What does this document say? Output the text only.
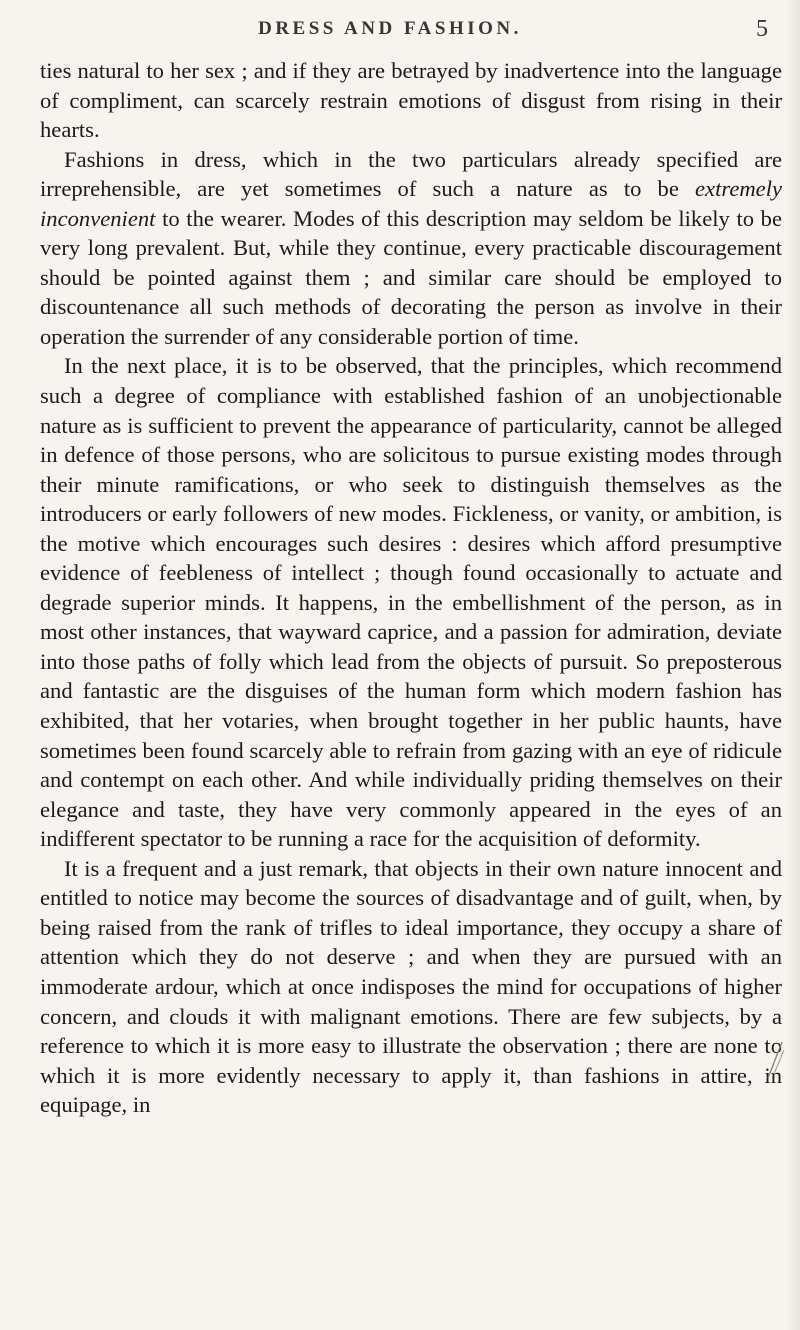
DRESS AND FASHION.	5

ties natural to her sex ; and if they are betrayed by inadvertence into the language of compliment, can scarcely restrain emotions of disgust from rising in their hearts.

Fashions in dress, which in the two particulars already specified are irreprehensible, are yet sometimes of such a nature as to be extremely inconvenient to the wearer. Modes of this description may seldom be likely to be very long prevalent. But, while they continue, every practicable discouragement should be pointed against them ; and similar care should be employed to discountenance all such methods of decorating the person as involve in their operation the surrender of any considerable portion of time.

In the next place, it is to be observed, that the principles, which recommend such a degree of compliance with established fashion of an unobjectionable nature as is sufficient to prevent the appearance of particularity, cannot be alleged in defence of those persons, who are solicitous to pursue existing modes through their minute ramifications, or who seek to distinguish themselves as the introducers or early followers of new modes. Fickleness, or vanity, or ambition, is the motive which encourages such desires : desires which afford presumptive evidence of feebleness of intellect ; though found occasionally to actuate and degrade superior minds. It happens, in the embellishment of the person, as in most other instances, that wayward caprice, and a passion for admiration, deviate into those paths of folly which lead from the objects of pursuit. So preposterous and fantastic are the disguises of the human form which modern fashion has exhibited, that her votaries, when brought together in her public haunts, have sometimes been found scarcely able to refrain from gazing with an eye of ridicule and contempt on each other. And while individually priding themselves on their elegance and taste, they have very commonly appeared in the eyes of an indifferent spectator to be running a race for the acquisition of deformity.

It is a frequent and a just remark, that objects in their own nature innocent and entitled to notice may become the sources of disadvantage and of guilt, when, by being raised from the rank of trifles to ideal importance, they occupy a share of attention which they do not deserve ; and when they are pursued with an immoderate ardour, which at once indisposes the mind for occupations of higher concern, and clouds it with malignant emotions. There are few subjects, by a reference to which it is more easy to illustrate the observation ; there are none to which it is more evidently necessary to apply it, than fashions in attire, in equipage, in
